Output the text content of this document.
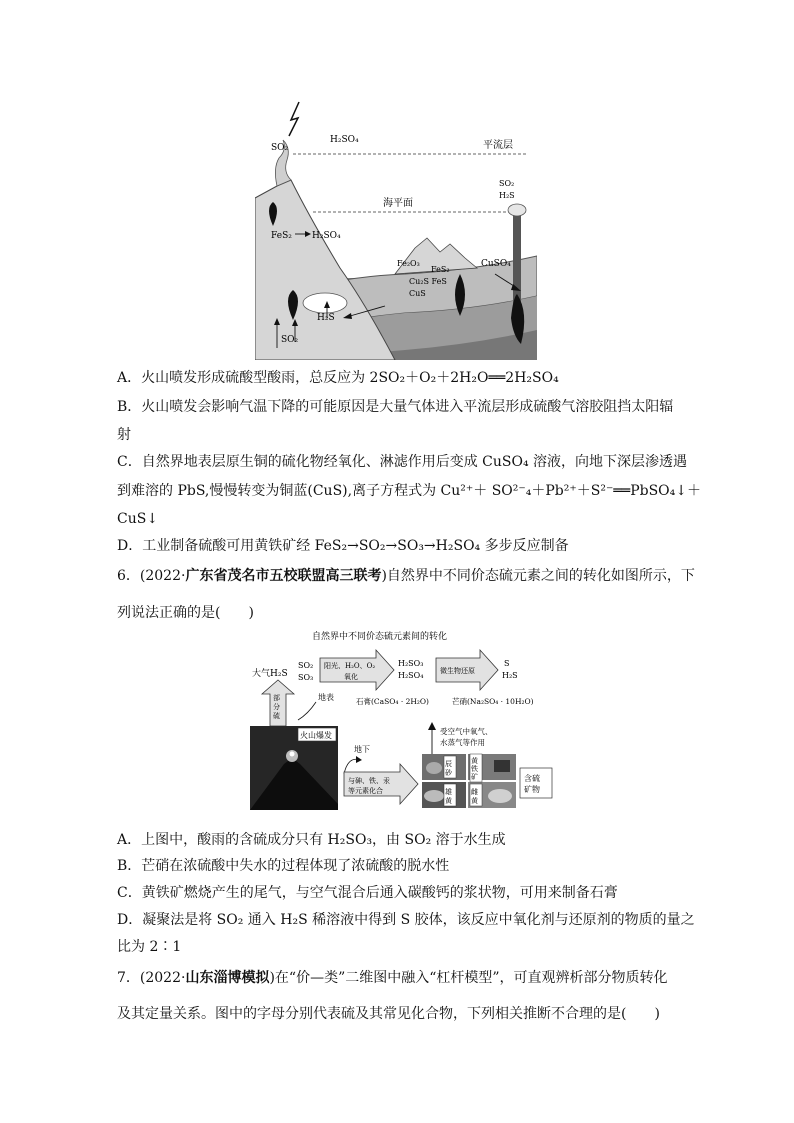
SO₂
H₂SO₄	平流层
海平面
FeS₂ H₂SO₄
SO₂
H₂S
Fe₂O₃
FeS₂
Cu₂S FeS
CuS
CuSO₄
H₂S
SO₂
A．火山喷发形成硫酸型酸雨，总反应为 2SO₂＋O₂＋2H₂O══2H₂SO₄
B．火山喷发会影响气温下降的可能原因是大量气体进入平流层形成硫酸气溶胶阻挡太阳辐
射
C．自然界地表层原生铜的硫化物经氧化、淋滤作用后变成 CuSO₄ 溶液，向地下深层渗透遇
到难溶的 PbS,慢慢转变为铜蓝(CuS),离子方程式为 Cu²⁺＋ SO²⁻₄＋Pb²⁺＋S²⁻══PbSO₄↓＋
CuS↓
D．工业制备硫酸可用黄铁矿经 FeS₂→SO₂→SO₃→H₂SO₄ 多步反应制备
6．(2022·广东省茂名市五校联盟高三联考)自然界中不同价态硫元素之间的转化如图所示，下
列说法正确的是(　　)
自然界中不同价态硫元素间的转化
大气H₂S
SO₂
SO₃
阳光、H₂O、O₂
氧化
H₂SO₃
H₂SO₄ 微生物还原
S
H₂S
部
分
硫
地表	石膏(CaSO₄ · 2H₂O)	芒硝(Na₂SO₄ · 10H₂O)
火山爆发
地下
与砷、铁、汞
等元素化合
受空气中氧气、
水蒸气等作用
辰
砂
黄
铁
矿
雄
黄
雌
黄
含硫
矿物
A．上图中，酸雨的含硫成分只有 H₂SO₃，由 SO₂ 溶于水生成
B．芒硝在浓硫酸中失水的过程体现了浓硫酸的脱水性
C．黄铁矿燃烧产生的尾气，与空气混合后通入碳酸钙的浆状物，可用来制备石膏
D．凝聚法是将 SO₂ 通入 H₂S 稀溶液中得到 S 胶体，该反应中氧化剂与还原剂的物质的量之
比为 2∶1
7．(2022·山东淄博模拟)在“价—类”二维图中融入“杠杆模型”，可直观辨析部分物质转化
及其定量关系。图中的字母分别代表硫及其常见化合物，下列相关推断不合理的是(　　)
